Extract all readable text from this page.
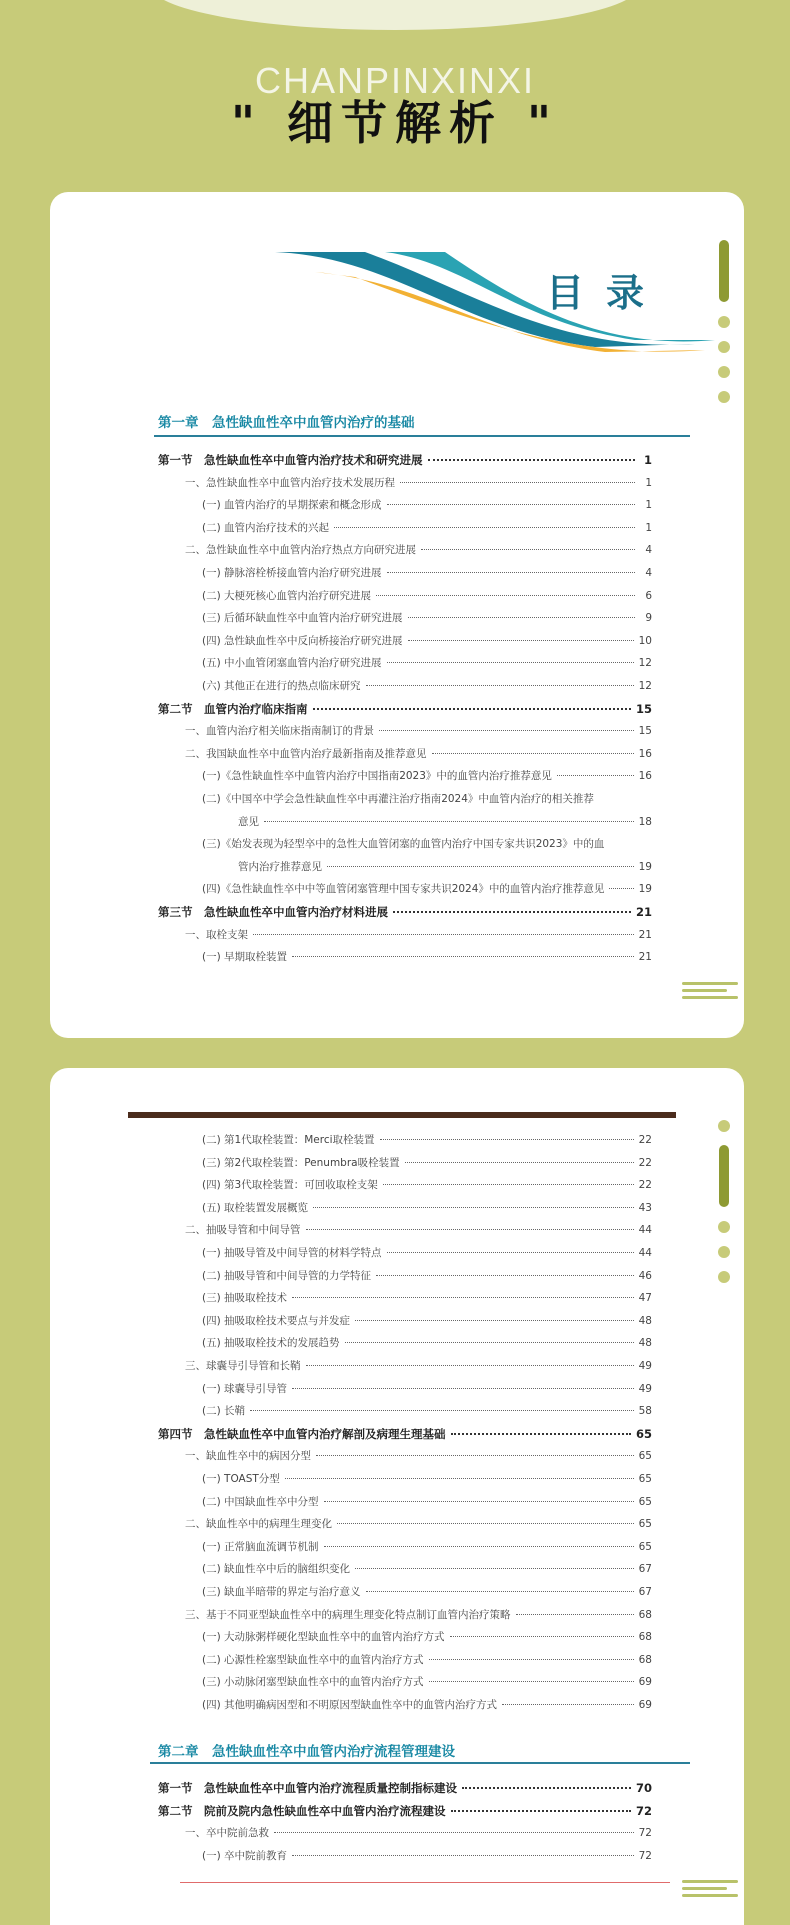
CHANPINXINXI
" 细节解析 "
目录
第一章　急性缺血性卒中血管内治疗的基础
第一节　急性缺血性卒中血管内治疗技术和研究进展	1
一、急性缺血性卒中血管内治疗技术发展历程	1
(一) 血管内治疗的早期探索和概念形成	1
(二) 血管内治疗技术的兴起	1
二、急性缺血性卒中血管内治疗热点方向研究进展	4
(一) 静脉溶栓桥接血管内治疗研究进展	4
(二) 大梗死核心血管内治疗研究进展	6
(三) 后循环缺血性卒中血管内治疗研究进展	9
(四) 急性缺血性卒中反向桥接治疗研究进展	10
(五) 中小血管闭塞血管内治疗研究进展	12
(六) 其他正在进行的热点临床研究	12
第二节　血管内治疗临床指南	15
一、血管内治疗相关临床指南制订的背景	15
二、我国缺血性卒中血管内治疗最新指南及推荐意见	16
(一)《急性缺血性卒中血管内治疗中国指南2023》中的血管内治疗推荐意见	16
(二)《中国卒中学会急性缺血性卒中再灌注治疗指南2024》中血管内治疗的相关推荐
意见	18
(三)《始发表现为轻型卒中的急性大血管闭塞的血管内治疗中国专家共识2023》中的血
管内治疗推荐意见	19
(四)《急性缺血性卒中中等血管闭塞管理中国专家共识2024》中的血管内治疗推荐意见	19
第三节　急性缺血性卒中血管内治疗材料进展	21
一、取栓支架	21
(一) 早期取栓装置	21
(二) 第1代取栓装置：Merci取栓装置	22
(三) 第2代取栓装置：Penumbra吸栓装置	22
(四) 第3代取栓装置：可回收取栓支架	22
(五) 取栓装置发展概览	43
二、抽吸导管和中间导管	44
(一) 抽吸导管及中间导管的材料学特点	44
(二) 抽吸导管和中间导管的力学特征	46
(三) 抽吸取栓技术	47
(四) 抽吸取栓技术要点与并发症	48
(五) 抽吸取栓技术的发展趋势	48
三、球囊导引导管和长鞘	49
(一) 球囊导引导管	49
(二) 长鞘	58
第四节　急性缺血性卒中血管内治疗解剖及病理生理基础	65
一、缺血性卒中的病因分型	65
(一) TOAST分型	65
(二) 中国缺血性卒中分型	65
二、缺血性卒中的病理生理变化	65
(一) 正常脑血流调节机制	65
(二) 缺血性卒中后的脑组织变化	67
(三) 缺血半暗带的界定与治疗意义	67
三、基于不同亚型缺血性卒中的病理生理变化特点制订血管内治疗策略	68
(一) 大动脉粥样硬化型缺血性卒中的血管内治疗方式	68
(二) 心源性栓塞型缺血性卒中的血管内治疗方式	68
(三) 小动脉闭塞型缺血性卒中的血管内治疗方式	69
(四) 其他明确病因型和不明原因型缺血性卒中的血管内治疗方式	69
第二章　急性缺血性卒中血管内治疗流程管理建设
第一节　急性缺血性卒中血管内治疗流程质量控制指标建设	70
第二节　院前及院内急性缺血性卒中血管内治疗流程建设	72
一、卒中院前急救	72
(一) 卒中院前教育	72
